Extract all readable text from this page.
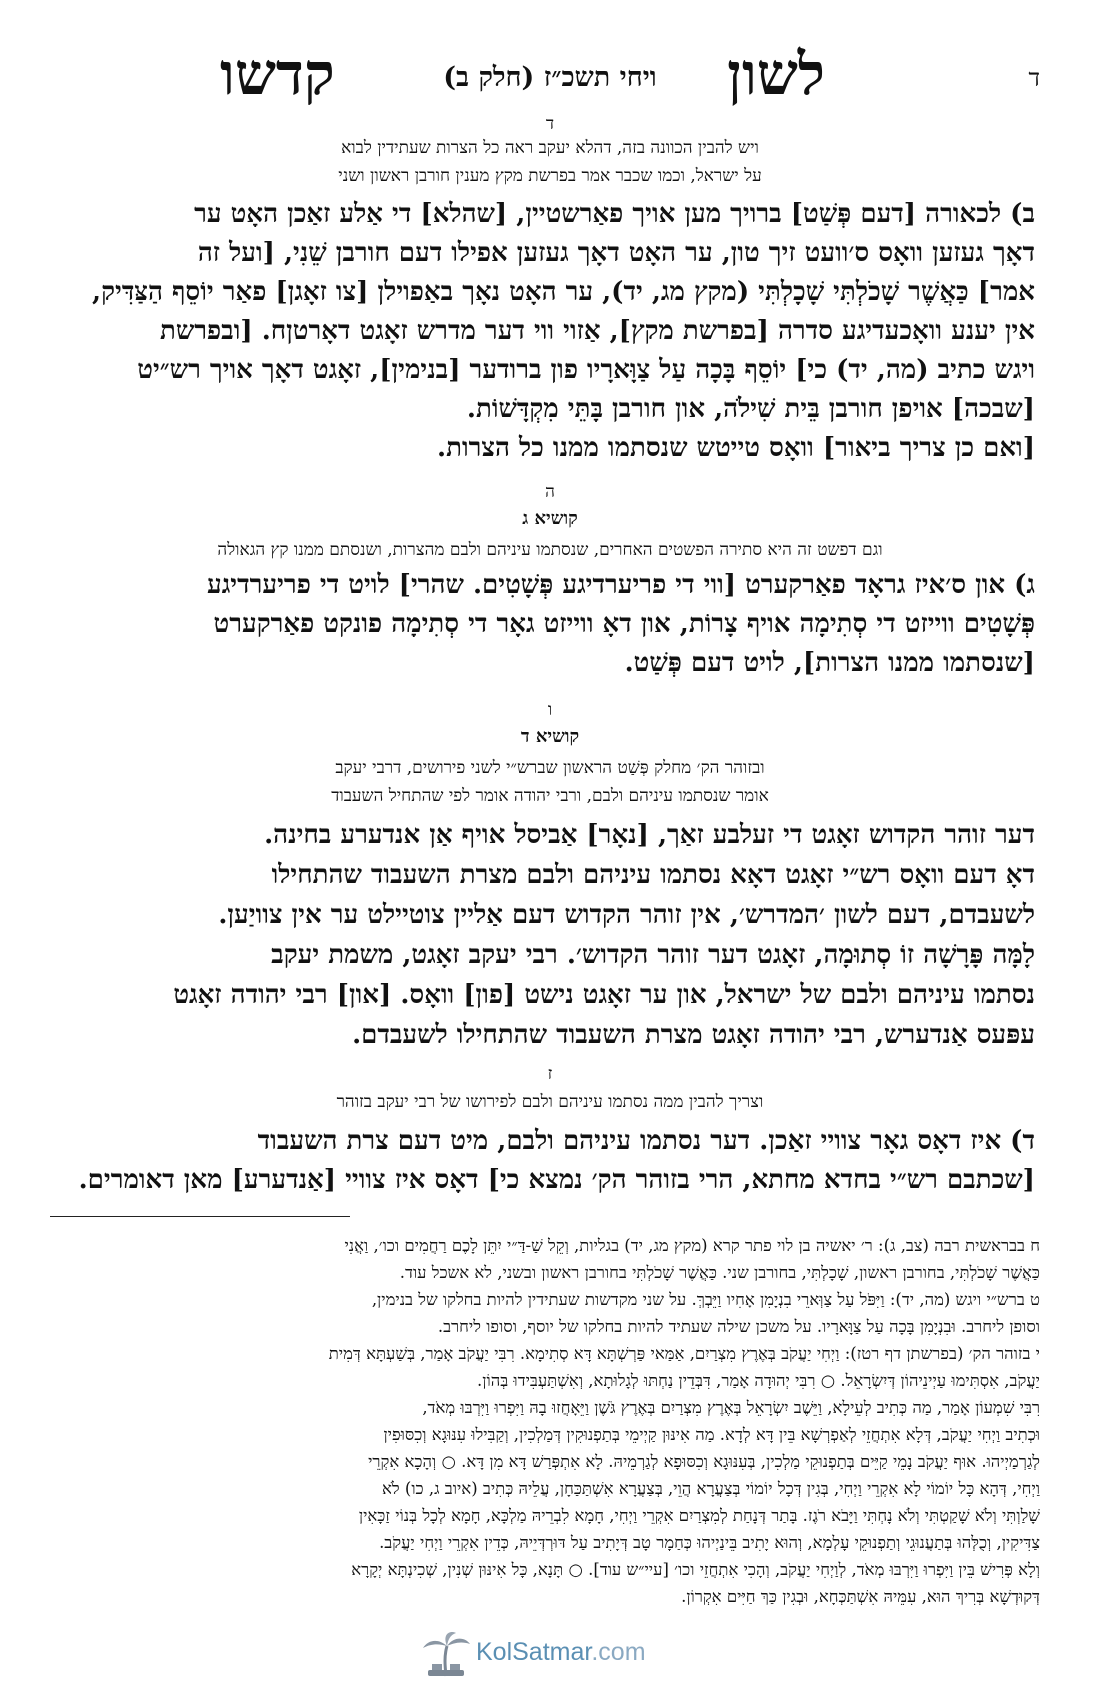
ד
לשון
ויחי תשכ״ז (חלק ב)
קדשו
ד
ויש להבין הכוונה בזה, דהלא יעקב ראה כל הצרות שעתידין לבוא
על ישראל, וכמו שכבר אמר בפרשת מקץ מענין חורבן ראשון ושני
ב) לכאורה [דעם פְּשַׁט] ברויך מען אויך פאַרשטיין, [שהלא] די אַלע זאַכן האָט ער
דאָך געזען וואָס ס׳וועט זיך טון, ער האָט דאָך געזען אפילו דעם חורבן שֵׁנִי, [ועל זה
אמר] כַּאֲשֶׁר שָׁכֹלְתִּי שָׁכָלְתִּי (מקץ מג, יד), ער האָט נאָך באַפוילן [צו זאָגן] פאַר יוֹסֵף הַצַּדִּיק,
אין יענע וואָכעדיגע סדרה [בפרשת מקץ], אַזוי ווי דער מדרש זאָגט דאָרטןח. [ובפרשת
ויגש כתיב (מה, יד) כי] יוֹסֵף בָּכָה עַל צַוָּארָיו פון ברודער [בנימין], זאָגט דאָך אויך רש״יט
[שבכה] אויפן חורבן בֵּית שִׁילֹה, און חורבן בָּתֵּי מִקְדָּשׁוֹת.
[ואם כן צריך ביאור] וואָס טייטש שנסתמו ממנו כל הצרות.
ה
קושיא ג
וגם דפשט זה היא סתירה הפשטים האחרים, שנסתמו עיניהם ולבם מהצרות, ושנסתם ממנו קץ הגאולה
ג) און ס׳איז גראָד פאַרקערט [ווי די פריערדיגע פְּשָׁטִים. שהרי] לויט די פריערדיגע
פְּשָׁטִים ווייזט די סְתִימָה אויף צָרוֹת, און דאָ ווייזט גאָר די סְתִימָה פונקט פאַרקערט
[שנסתמו ממנו הצרות], לויט דעם פְּשַׁט.
ו
קושיא ד
ובזוהר הק׳ מחלק פְּשַׁט הראשון שברש״י לשני פירושים, דרבי יעקב
אומר שנסתמו עיניהם ולבם, ורבי יהודה אומר לפי שהתחיל השעבוד
דער זוהר הקדוש זאָגט די זעלבע זאַך, [נאָר] אַביסל אויף אַן אנדערע בחינה.
דאָ דעם וואָס רש״י זאָגט דאָא נסתמו עיניהם ולבם מצרת השעבוד שהתחילו
לשעבדם, דעם לשון ׳המדרש׳, אין זוהר הקדוש דעם אַליין צוטיילט ער אין צוויַען.
לָמָּה פָּרָשָׁה זוֹ סְתוּמָה, זאָגט דער זוהר הקדוש׳. רבי יעקב זאָגט, משמת יעקב
נסתמו עיניהם ולבם של ישראל, און ער זאָגט נישט [פון] וואָס. [און] רבי יהודה זאָגט
עפּעס אַנדערש, רבי יהודה זאָגט מצרת השעבוד שהתחילו לשעבדם.
ז
וצריך להבין ממה נסתמו עיניהם ולבם לפירושו של רבי יעקב בזוהר
ד) איז דאָס גאָר צוויי זאַכן. דער נסתמו עיניהם ולבם, מיט דעם צרת השעבוד
[שכתבם רש״י בחדא מחתא, הרי בזוהר הק׳ נמצא כי] דאָס איז צוויי [אַנדערע] מאן דאומרים.
ח בבראשית רבה (צב, ג): ר׳ יאשיה בן לוי פתר קרא (מקץ מג, יד) בגליות, וְקֵל שַׁ-דַּ״י יִתֵּן לָכֶם רַחֲמִים וכו׳, וַאֲנִי
כַּאֲשֶׁר שָׁכֹלְתִּי, בחורבן ראשון, שָׁכָלְתִּי, בחורבן שני. כַּאֲשֶׁר שָׁכֹלְתִּי בחורבן ראשון ובשני, לא אשכל עוד.
ט ברש״י ויגש (מה, יד): וַיִּפֹּל עַל צַוְּארֵי בִנְיָמִן אָחִיו וַיֵּבְךְּ. על שני מקדשות שעתידין להיות בחלקו של בנימין,
וסופן ליחרב. וּבִנְיָמִן בָּכָה עַל צַוָּארָיו. על משכן שילה שעתיד להיות בחלקו של יוסף, וסופו ליחרב.
י בזוהר הק׳ (בפרשתן דף רטז): וַיְחִי יַעֲקֹב בְּאֶרֶץ מִצְרַיִם, אַמַּאי פַּרְשְׁתָּא דָּא סְתִימָא. רִבִּי יַעֲקֹב אָמַר, בְּשַׁעְתָּא דְּמִית
יַעֲקֹב, אִסְתִּימוּ עַיְינֵיהוֹן דְּיִשְׂרָאֵל. ○ רִבִּי יְהוּדָה אָמַר, דִּבְּדֵין נַחְתּוּ לְגָלוּתָא, וְאִשְׁתַּעְבִּידוּ בְּהוֹן.
רִבִּי שִׁמְעוֹן אָמַר, מַה כְּתִיב לְעֵילָא, וַיֵּשֶׁב יִשְׂרָאֵל בְּאֶרֶץ מִצְרַיִם בְּאֶרֶץ גֹּשֶׁן וַיֵּאָחֲזוּ בָהּ וַיִּפְרוּ וַיִּרְבּוּ מְאֹד,
וּכְתִיב וַיְחִי יַעֲקֹב, דְּלָא אִתְחֲזֵי לְאַפְרְשָׁא בֵּין דָּא לְדָא. מַה אִינּוּן קַיְימֵי בְּתַפְנוּקִין דְּמַלְכִין, וְקַבִּילוּ עִנּוּגָא וְכִסּוּפִין
לְגַרְמַיְיהוּ. אוּף יַעֲקֹב נָמֵי קַיֵּים בְּתַפְנוּקֵי מַלְכִין, בְּעִנּוּגָא וְכִסּוּפָא לְגַרְמֵיהּ. לָא אִתְפְּרַשׁ דָּא מִן דָּא. ○ וְהָכָא אִקְרֵי
וַיְחִי, דְּהָא כָּל יוֹמוֹי לָא אִקְרֵי וַיְחִי, בְּגִין דְּכָל יוֹמוֹי בְּצַעֲרָא הֲוֵי, בְּצַעֲרָא אִשְׁתַּכַּחָן, עֲלֵיהּ כְּתִיב (איוב ג, כו) לֹא
שָׁלַוְתִּי וְלֹא שָׁקַטְתִּי וְלֹא נָחְתִּי וַיָּבֹא רֹגֶז. בָּתַר דְּנָחַת לְמִצְרַיִם אִקְרֵי וַיְחִי, חָמָא לִבְרֵיהּ מַלְכָּא, חָמָא לְכָל בְּנוֹי זַכָּאִין
צַדִּיקִין, וְכֻלְּהוּ בְּתַעֲנוּגֵי וְתַפְנוּקֵי עָלְמָא, וְהוּא יָתִיב בֵּינַיְיהוּ כְּחַמָר טָב דְּיָתִיב עַל דּוּרְדְּיֵיהּ, כְּדֵין אִקְרֵי וַיְחִי יַעֲקֹב.
וְלָא פְּרִישׁ בֵּין וַיִּפְרוּ וַיִּרְבּוּ מְאֹד, לְוַיְחִי יַעֲקֹב, וְהָכִי אִתְחֲזֵי וכו׳ [עיי״ש עוד]. ○ תָּנָא, כָּל אִינּוּן שְׁנִין, שְׁכִינְתָּא יְקָרָא
דְּקוּדְשָׁא בְּרִיךְ הוּא, עִמֵּיהּ אִשְׁתַּכְּחָא, וּבְגִין כַּךְ חַיִּים אִקְרוֹן.
KolSatmar.com
